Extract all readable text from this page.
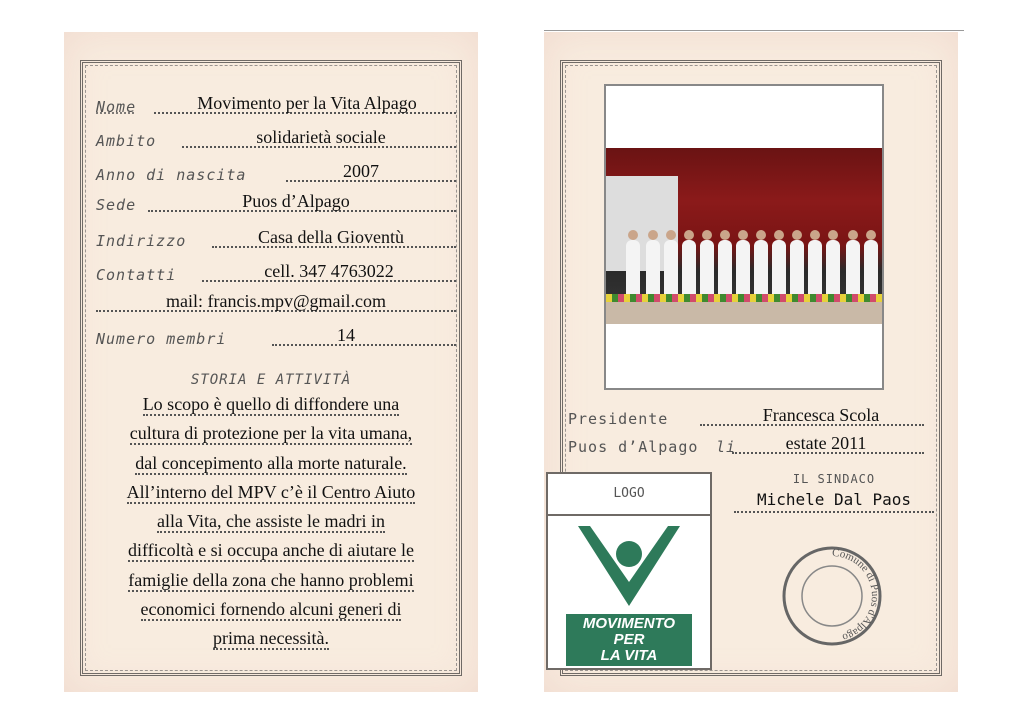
Nome	Movimento per la Vita Alpago
Ambito	solidarietà sociale
Anno di nascita	2007
Sede	Puos d’Alpago
Indirizzo	Casa della Gioventù
Contatti	cell. 347 4763022
mail: francis.mpv@gmail.com
Numero membri	14
STORIA E ATTIVITÀ
Lo scopo è quello di diffondere una
cultura di protezione per la vita umana,
dal concepimento alla morte naturale.
All’interno del MPV c’è il Centro Aiuto
alla Vita, che assiste le madri in
difficoltà e si occupa anche di aiutare le
famiglie della zona che hanno problemi
economici fornendo alcuni generi di
prima necessità.
Presidente	Francesca Scola
Puos d’Alpago li	estate 2011
LOGO
MOVIMENTO
PER
LA VITA
IL SINDACO
Michele Dal Paos
Comune di Puos d'Alpago
